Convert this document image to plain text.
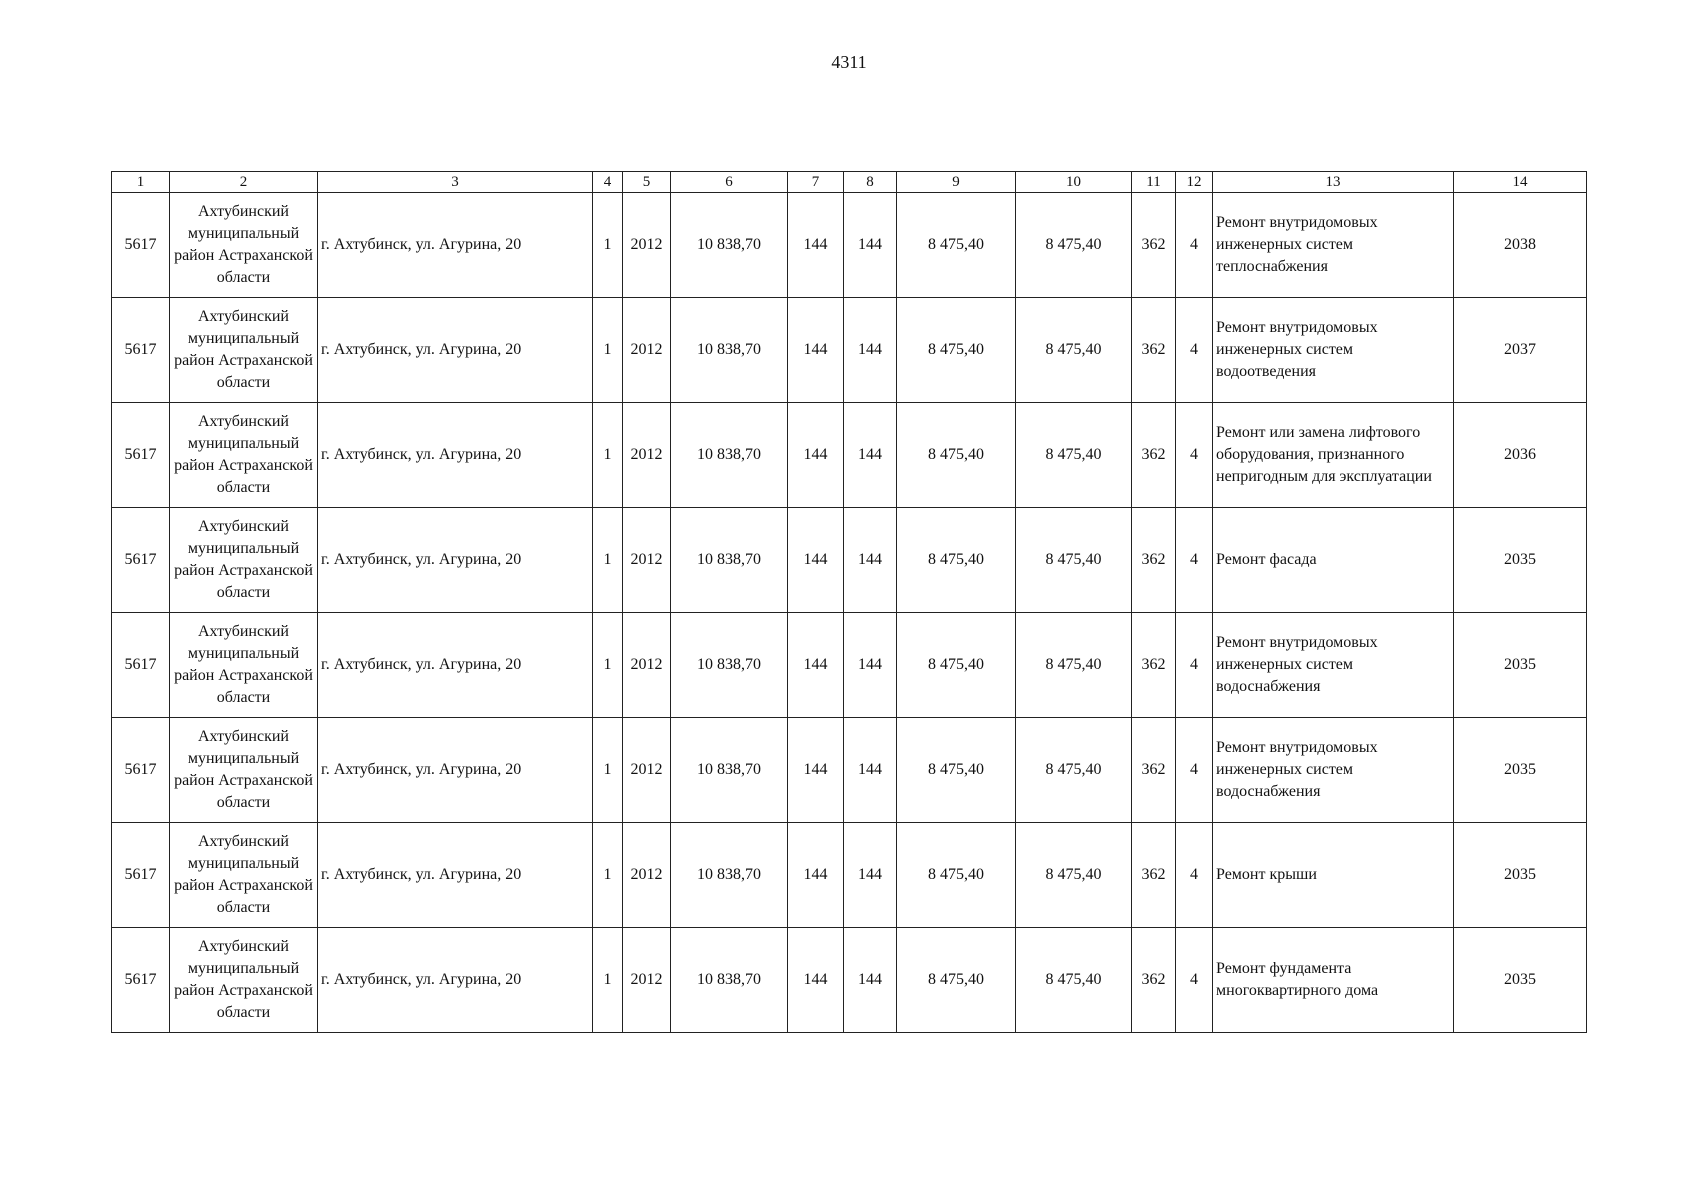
4311
1	2	3	4	5	6	7	8	9	10	11	12	13	14
5617	Ахтубинский муниципальный район Астраханской области	г. Ахтубинск, ул. Агурина, 20	1	2012	10 838,70	144	144	8 475,40	8 475,40	362	4	Ремонт внутридомовых инженерных систем теплоснабжения	2038
5617	Ахтубинский муниципальный район Астраханской области	г. Ахтубинск, ул. Агурина, 20	1	2012	10 838,70	144	144	8 475,40	8 475,40	362	4	Ремонт внутридомовых инженерных систем водоотведения	2037
5617	Ахтубинский муниципальный район Астраханской области	г. Ахтубинск, ул. Агурина, 20	1	2012	10 838,70	144	144	8 475,40	8 475,40	362	4	Ремонт или замена лифтового оборудования, признанного непригодным для эксплуатации	2036
5617	Ахтубинский муниципальный район Астраханской области	г. Ахтубинск, ул. Агурина, 20	1	2012	10 838,70	144	144	8 475,40	8 475,40	362	4	Ремонт фасада	2035
5617	Ахтубинский муниципальный район Астраханской области	г. Ахтубинск, ул. Агурина, 20	1	2012	10 838,70	144	144	8 475,40	8 475,40	362	4	Ремонт внутридомовых инженерных систем водоснабжения	2035
5617	Ахтубинский муниципальный район Астраханской области	г. Ахтубинск, ул. Агурина, 20	1	2012	10 838,70	144	144	8 475,40	8 475,40	362	4	Ремонт внутридомовых инженерных систем водоснабжения	2035
5617	Ахтубинский муниципальный район Астраханской области	г. Ахтубинск, ул. Агурина, 20	1	2012	10 838,70	144	144	8 475,40	8 475,40	362	4	Ремонт крыши	2035
5617	Ахтубинский муниципальный район Астраханской области	г. Ахтубинск, ул. Агурина, 20	1	2012	10 838,70	144	144	8 475,40	8 475,40	362	4	Ремонт фундамента многоквартирного дома	2035
